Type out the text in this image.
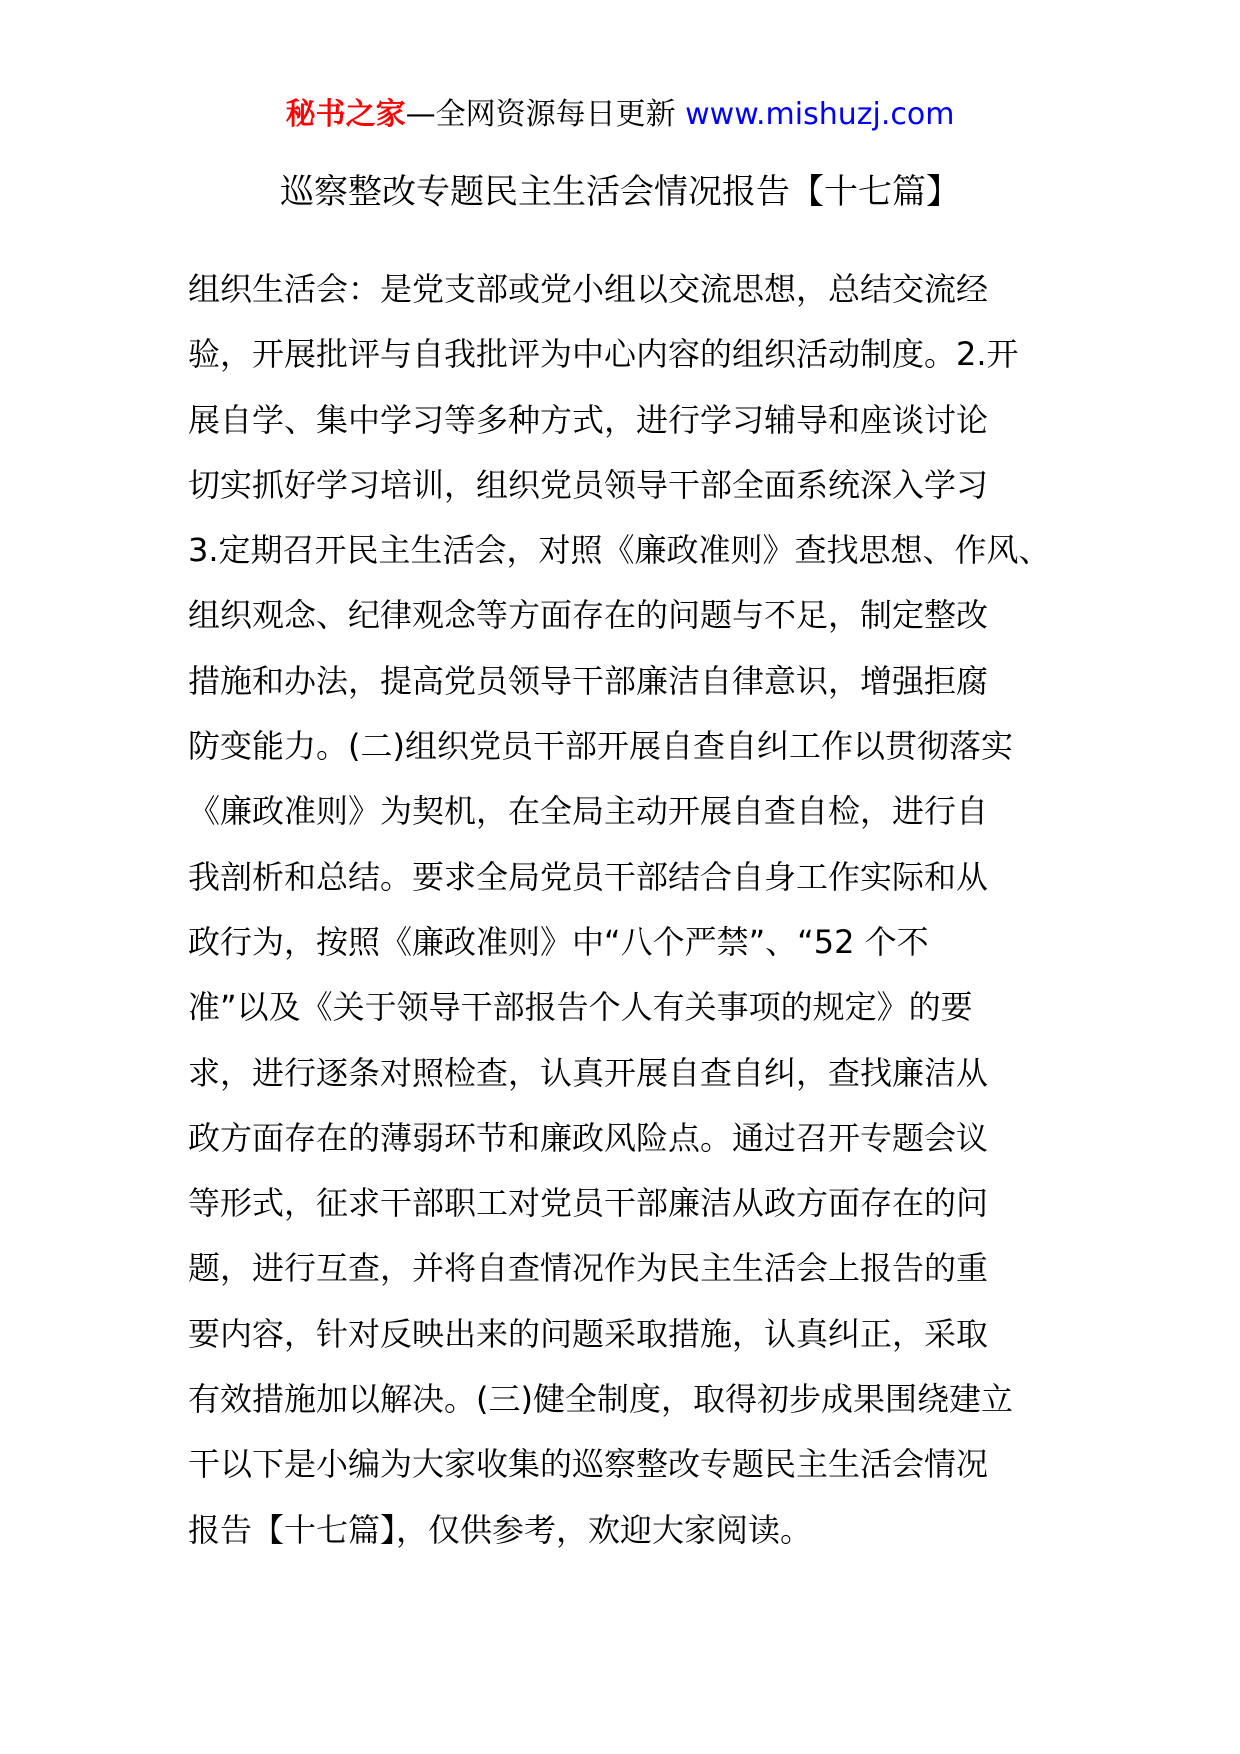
秘书之家—全网资源每日更新 www.mishuzj.com
巡察整改专题民主生活会情况报告【十七篇】
组织生活会：是党支部或党小组以交流思想，总结交流经
验，开展批评与自我批评为中心内容的组织活动制度。2.开
展自学、集中学习等多种方式，进行学习辅导和座谈讨论
切实抓好学习培训，组织党员领导干部全面系统深入学习
3.定期召开民主生活会，对照《廉政准则》查找思想、作风、
组织观念、纪律观念等方面存在的问题与不足，制定整改
措施和办法，提高党员领导干部廉洁自律意识，增强拒腐
防变能力。(二)组织党员干部开展自查自纠工作以贯彻落实
《廉政准则》为契机，在全局主动开展自查自检，进行自
我剖析和总结。要求全局党员干部结合自身工作实际和从
政行为，按照《廉政准则》中“八个严禁”、“52 个不
准”以及《关于领导干部报告个人有关事项的规定》的要
求，进行逐条对照检查，认真开展自查自纠，查找廉洁从
政方面存在的薄弱环节和廉政风险点。通过召开专题会议
等形式，征求干部职工对党员干部廉洁从政方面存在的问
题，进行互查，并将自查情况作为民主生活会上报告的重
要内容，针对反映出来的问题采取措施，认真纠正，采取
有效措施加以解决。(三)健全制度，取得初步成果围绕建立
干以下是小编为大家收集的巡察整改专题民主生活会情况
报告【十七篇】，仅供参考，欢迎大家阅读。
